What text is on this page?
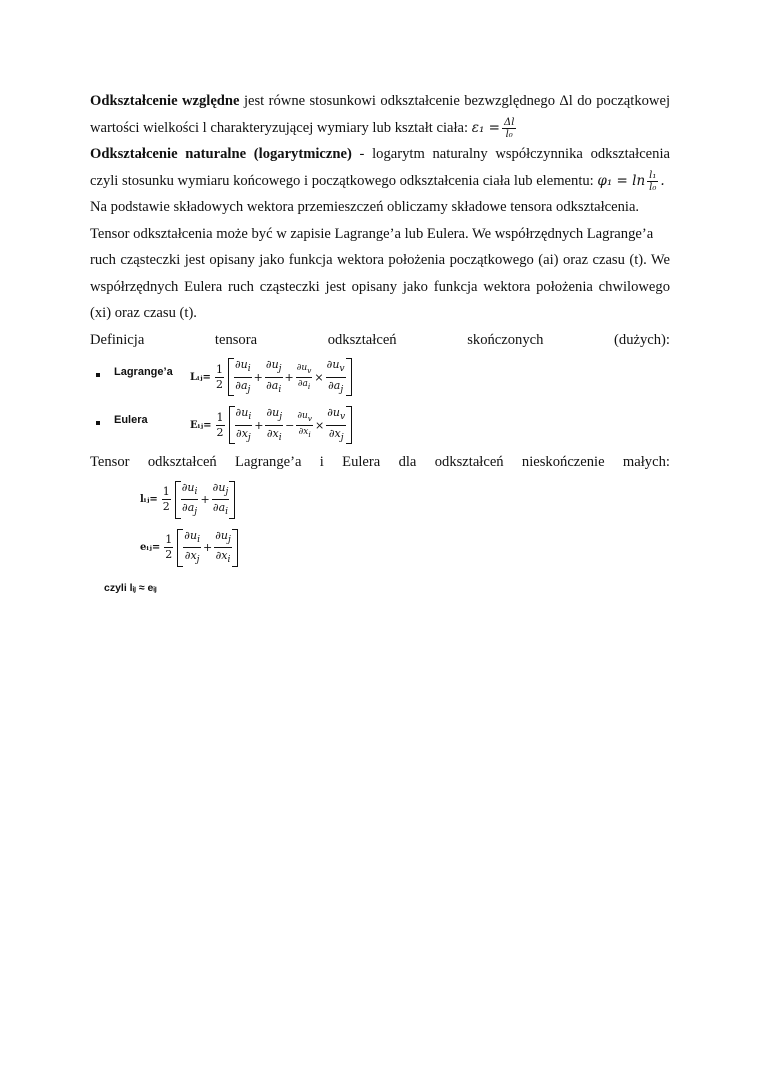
Odkształcenie względne jest równe stosunkowi odkształcenie bezwzględnego Δl do początkowej wartości wielkości l charakteryzującej wymiary lub kształt ciała: $\varepsilon_1 = \frac{\Delta l}{\text{l₀}}$

Odkształcenie naturalne (logarytmiczne) - logarytm naturalny współczynnika odkształcenia czyli stosunku wymiaru końcowego i początkowego odkształcenia ciała lub elementu: $\varphi_1 = \ln \frac{\text{l₁}}{\text{l₀}}$ .

Na podstawie składowych wektora przemieszczeń obliczamy składowe tensora odkształcenia.

Tensor odkształcenia może być w zapisie Lagrange’a lub Eulera. We współrzędnych Lagrange’a

ruch cząsteczki jest opisany jako funkcja wektora położenia początkowego (ai) oraz czasu (t). We współrzędnych Eulera ruch cząsteczki jest opisany jako funkcja wektora położenia chwilowego (xi) oraz czasu (t).

Definicja	tensora	odkształceń	skończonych	(dużych):
Lagrange’a Lᵢⱼ= $\frac{1}{2} \frac{\partial u_i}{\partial a_j} + \frac{\partial u_j}{\partial a_i} + \frac{\partial u_v}{\partial a_i} \times \frac{\partial u_v}{\partial a_j}$
Eulera	Eᵢⱼ= $\frac{1}{2} \frac{\partial u_i}{\partial x_j} + \frac{\partial u_j}{\partial x_i} - \frac{\partial u_v}{\partial x_i} \times \frac{\partial u_v}{\partial x_j}$
Tensor odkształceń Lagrange’a i Eulera dla odkształceń nieskończenie małych:
lᵢⱼ= $\frac{1}{2} \frac{\partial u_i}{\partial a_j} + \frac{\partial u_j}{\partial a_i}$
eᵢⱼ= $\frac{1}{2} \frac{\partial u_i}{\partial x_j} + \frac{\partial u_j}{\partial x_i}$
czyli lᵢⱼ ≈ eᵢⱼ
